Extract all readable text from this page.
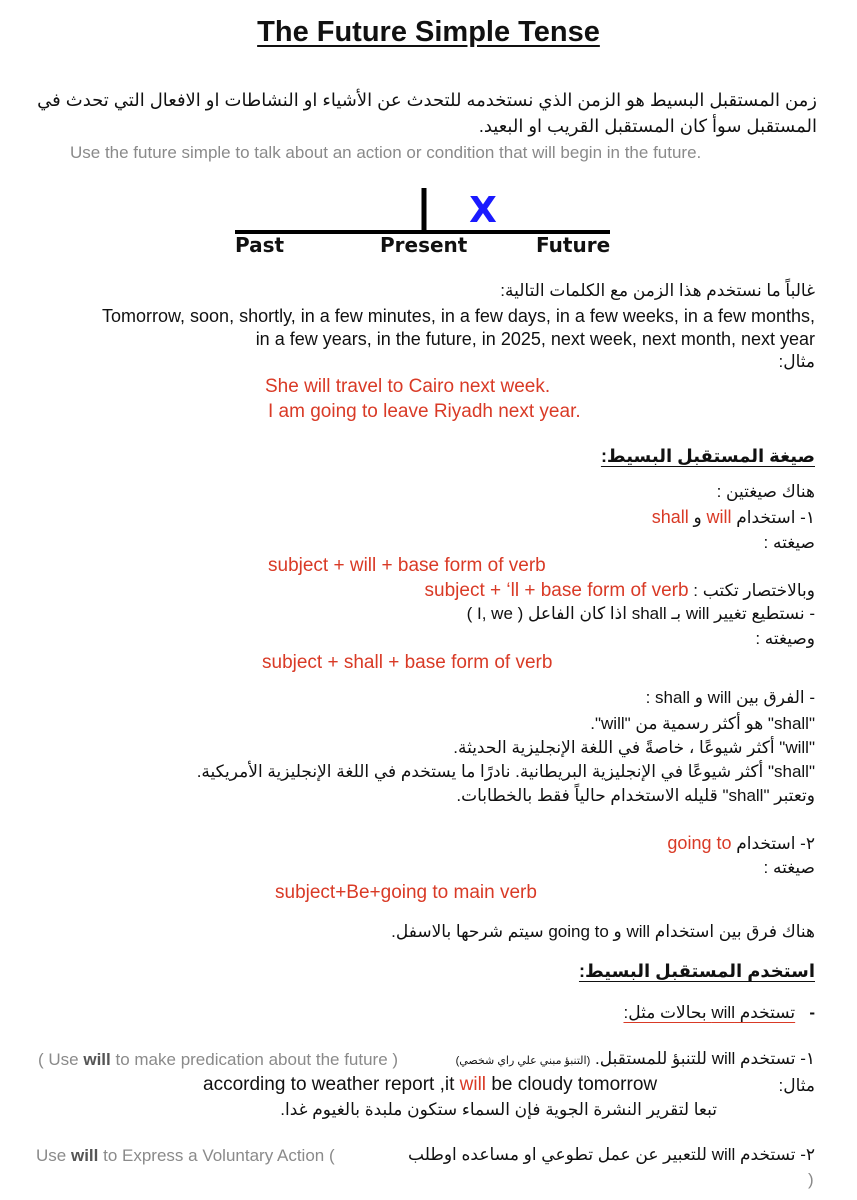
The Future Simple Tense
زمن المستقبل البسيط هو الزمن الذي نستخدمه للتحدث عن الأشياء او النشاطات او الافعال التي تحدث في
المستقبل سوأ كان المستقبل القريب او البعيد.
Use the future simple to talk about an action or condition that will begin in the future.
X
Past	Present	Future
غالباً ما نستخدم هذا الزمن مع الكلمات التالية:
Tomorrow, soon, shortly, in a few minutes, in a few days, in a few weeks, in a few months,
in a few years, in the future, in 2025, next week, next month, next year
مثال:
She will travel to Cairo next week.
I am going to leave Riyadh next year.
صيغة المستقبل البسيط:
هناك صيغتين :
١- استخدام will و shall
صيغته :
subject + will + base form of verb
وبالاختصار تكتب : subject + ‘ll + base form of verb
- نستطيع تغيير will بـ shall اذا كان الفاعل ( I, we )
وصيغته :
subject + shall + base form of verb
- الفرق بين will و shall :
"shall" هو أكثر رسمية من "will".
"will" أكثر شيوعًا ، خاصةً في اللغة الإنجليزية الحديثة.
"shall" أكثر شيوعًا في الإنجليزية البريطانية. نادرًا ما يستخدم في اللغة الإنجليزية الأمريكية.
وتعتبر "shall" قليله الاستخدام حالياً فقط بالخطابات.
٢- استخدام going to
صيغته :
subject+Be+going to main verb
هناك فرق بين استخدام will و going to سيتم شرحها بالاسفل.
استخدم المستقبل البسيط:
-   تستخدم will بحالات مثل:
١- تستخدم will للتنبؤ للمستقبل. (التنبؤ مبني علي راي شخصي)
( Use will to make predication about the future )
مثال:
according to weather report ,it will be cloudy tomorrow
تبعا لتقرير النشرة الجوية فإن السماء ستكون ملبدة بالغيوم غدا.
٢- تستخدم will للتعبير عن عمل تطوعي او مساعده اوطلب
Use will to Express a Voluntary Action (
)
